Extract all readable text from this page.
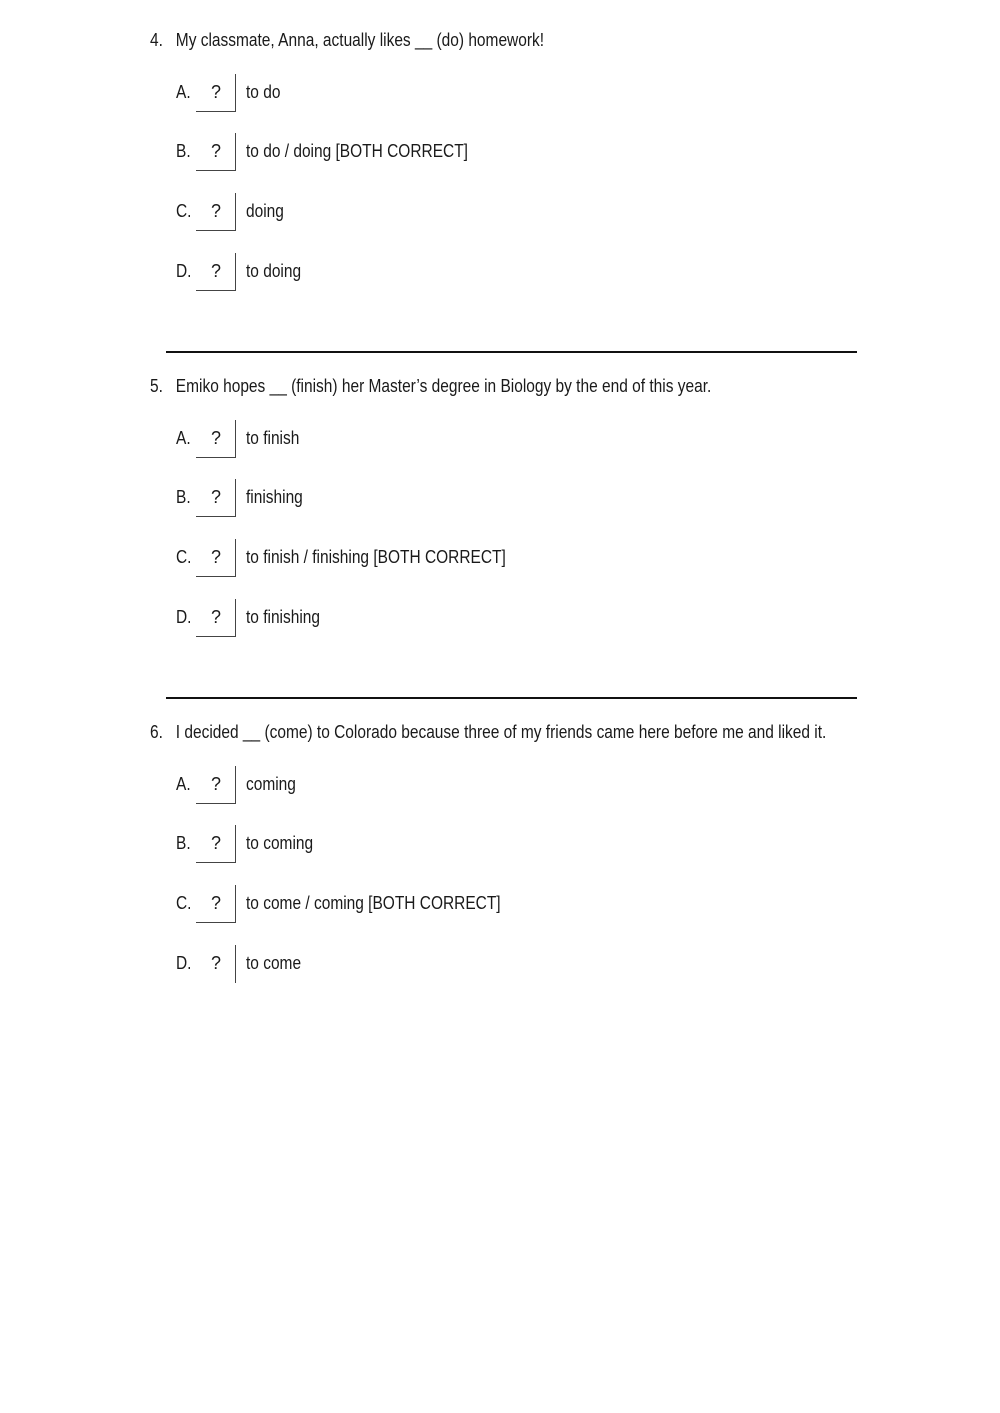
4. My classmate, Anna, actually likes __ (do) homework!
A.	?	to do
B.	?	to do / doing [BOTH CORRECT]
C.	?	doing
D.	?	to doing
5. Emiko hopes __ (finish) her Master’s degree in Biology by the end of this year.
A.	?	to finish
B.	?	finishing
C.	?	to finish / finishing [BOTH CORRECT]
D.	?	to finishing
6. I decided __ (come) to Colorado because three of my friends came here before me and liked it.
A.	?	coming
B.	?	to coming
C.	?	to come / coming [BOTH CORRECT]
D.	?	to come
